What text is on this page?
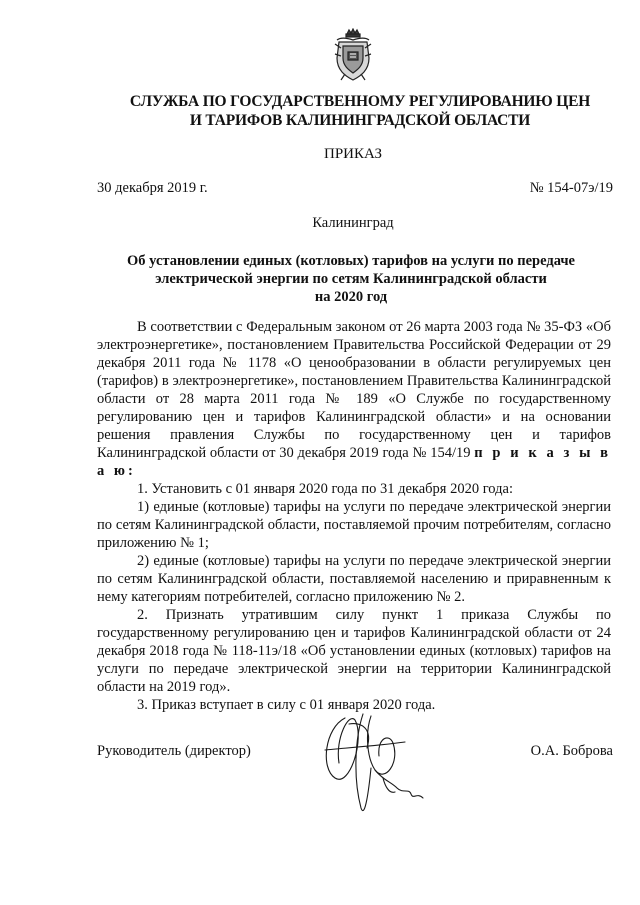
СЛУЖБА ПО ГОСУДАРСТВЕННОМУ РЕГУЛИРОВАНИЮ ЦЕН
И ТАРИФОВ КАЛИНИНГРАДСКОЙ ОБЛАСТИ
ПРИКАЗ
30 декабря 2019 г.	№ 154-07э/19
Калининград
Об установлении единых (котловых) тарифов на услуги по передаче
электрической энергии по сетям Калининградской области
на 2020 год

В соответствии с Федеральным законом от 26 марта 2003 года № 35-ФЗ «Об электроэнергетике», постановлением Правительства Российской Федерации от 29 декабря 2011 года № 1178 «О ценообразовании в области регулируемых цен (тарифов) в электроэнергетике», постановлением Правительства Калининградской области от 28 марта 2011 года № 189 «О Службе по государственному регулированию цен и тарифов Калининградской области» и на основании решения правления Службы по государственному цен и тарифов Калининградской области от 30 декабря 2019 года № 154/19 п р и к а з ы в а ю:

1. Установить с 01 января 2020 года по 31 декабря 2020 года:

1) единые (котловые) тарифы на услуги по передаче электрической энергии по сетям Калининградской области, поставляемой прочим потребителям, согласно приложению № 1;

2) единые (котловые) тарифы на услуги по передаче электрической энергии по сетям Калининградской области, поставляемой населению и приравненным к нему категориям потребителей, согласно приложению № 2.

2. Признать утратившим силу пункт 1 приказа Службы по государственному регулированию цен и тарифов Калининградской области от 24 декабря 2018 года № 118-11э/18 «Об установлении единых (котловых) тарифов на услуги по передаче электрической энергии на территории Калининградской области на 2019 год».

3. Приказ вступает в силу с 01 января 2020 года.

Руководитель (директор)	О.А. Боброва
